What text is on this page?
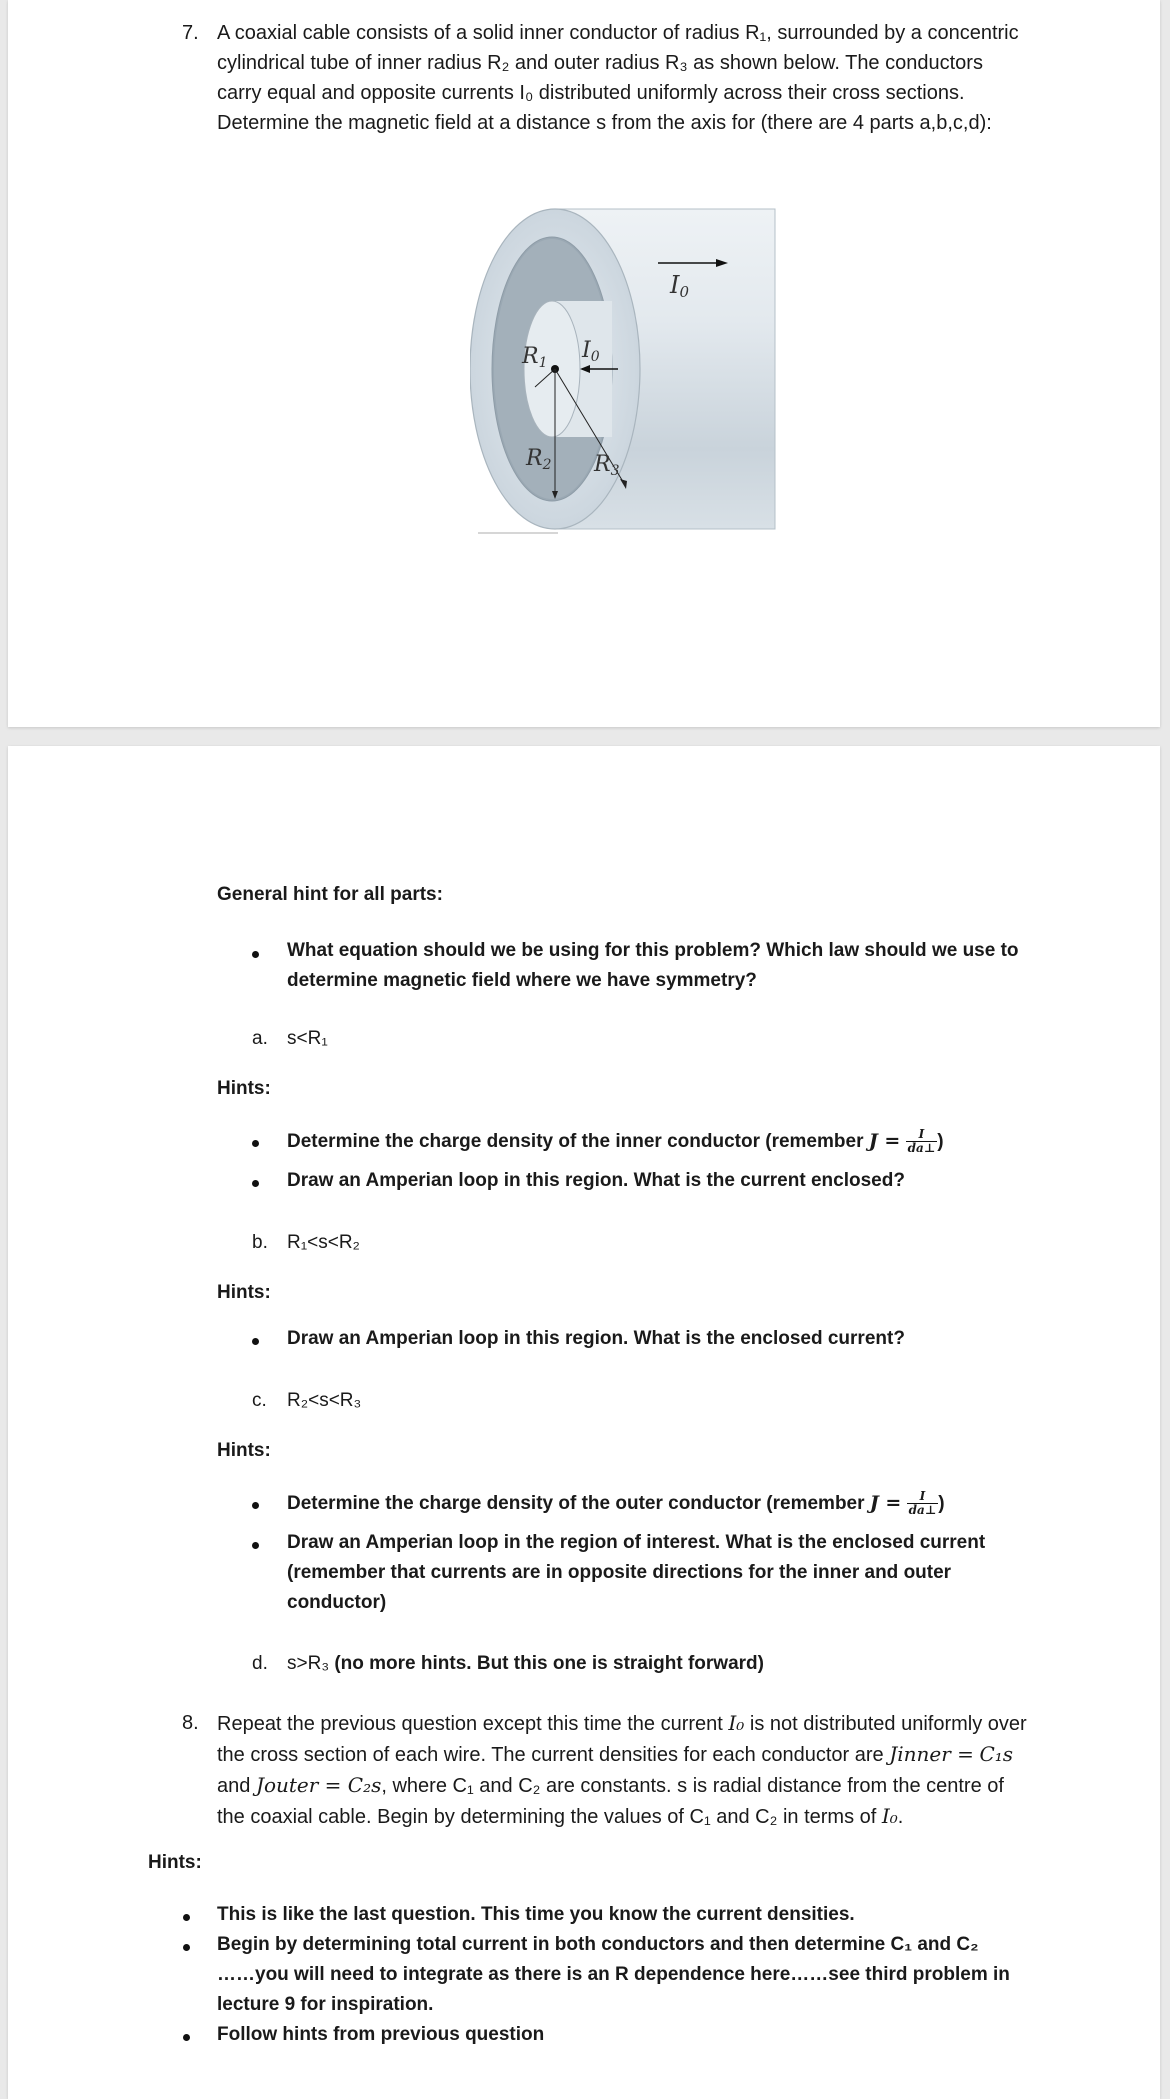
7. A coaxial cable consists of a solid inner conductor of radius R₁, surrounded by a concentric cylindrical tube of inner radius R₂ and outer radius R₃ as shown below. The conductors carry equal and opposite currents I₀ distributed uniformly across their cross sections. Determine the magnetic field at a distance s from the axis for (there are 4 parts a,b,c,d):
I0
I0
R1
R2 R3
General hint for all parts:
What equation should we be using for this problem? Which law should we use to determine magnetic field where we have symmetry?
a. s<R₁
Hints:
Determine the charge density of the inner conductor (remember $J = \frac{I}{da\perp}$ )
Draw an Amperian loop in this region. What is the current enclosed?
b. R₁<s<R₂
Hints:
Draw an Amperian loop in this region. What is the enclosed current?
c. R₂<s<R₃
Hints:
Determine the charge density of the outer conductor (remember $J = \frac{I}{da\perp}$ )
Draw an Amperian loop in the region of interest. What is the enclosed current (remember that currents are in opposite directions for the inner and outer conductor)
d. s>R₃ (no more hints. But this one is straight forward)
8. Repeat the previous question except this time the current I₀ is not distributed uniformly over the cross section of each wire. The current densities for each conductor are Jinner = C₁s and Jouter = C₂s, where C₁ and C₂ are constants. s is radial distance from the centre of the coaxial cable. Begin by determining the values of C₁ and C₂ in terms of I₀.
Hints:
This is like the last question. This time you know the current densities.
Begin by determining total current in both conductors and then determine C₁ and C₂ ……you will need to integrate as there is an R dependence here……see third problem in lecture 9 for inspiration.
Follow hints from previous question
